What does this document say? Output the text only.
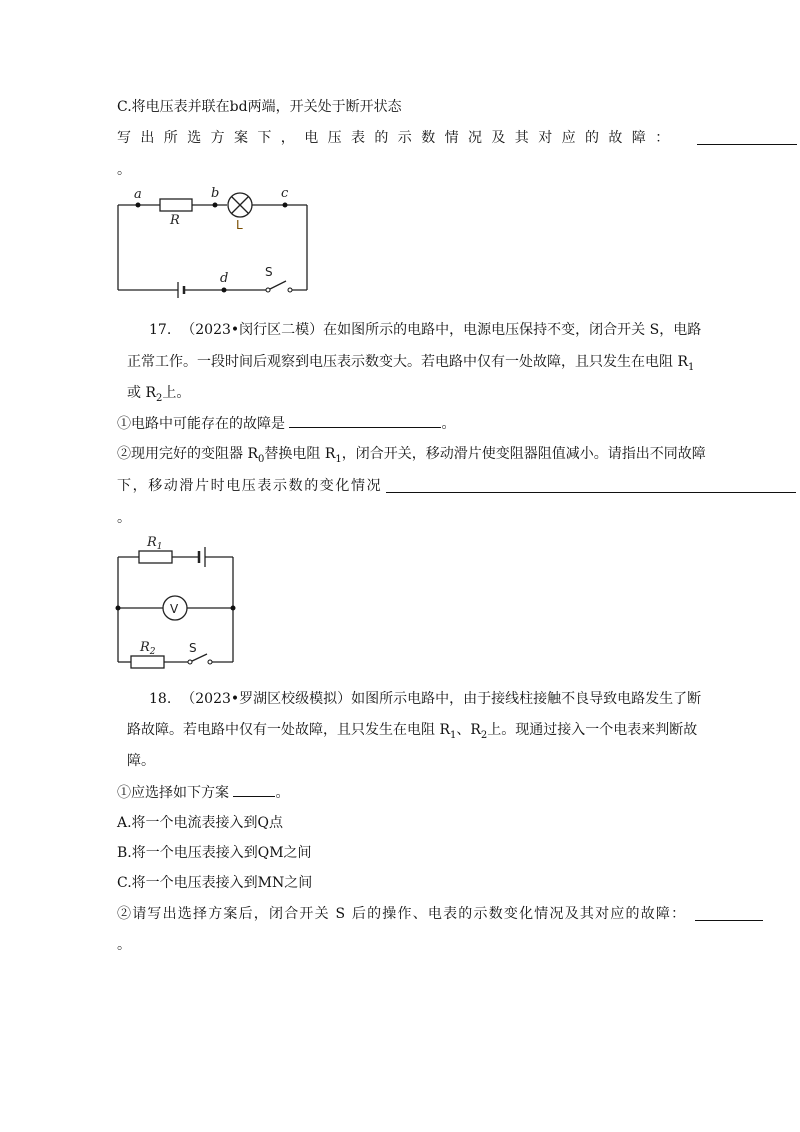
C.将电压表并联在bd两端，开关处于断开状态
写出所选方案下，电压表的示数情况及其对应的故障：
。
a	b	c
R	L
d	S
$R_1$
$R_2$
V
S
17. （2023•闵行区二模）在如图所示的电路中，电源电压保持不变，闭合开关 S，电路
正常工作。一段时间后观察到电压表示数变大。若电路中仅有一处故障，且只发生在电阻 $R_1$
或 $R_2$上。
①电路中可能存在的故障是	。
②现用完好的变阻器 $R_0$替换电阻 $R_1$，闭合开关，移动滑片使变阻器阻值减小。请指出不同故障
下，移动滑片时电压表示数的变化情况
。
18. （2023•罗湖区校级模拟）如图所示电路中，由于接线柱接触不良导致电路发生了断
路故障。若电路中仅有一处故障，且只发生在电阻 $R_1$、$R_2$上。现通过接入一个电表来判断故
障。
①应选择如下方案	。
A.将一个电流表接入到Q点
B.将一个电压表接入到QM之间
C.将一个电压表接入到MN之间
②请写出选择方案后，闭合开关 S 后的操作、电表的示数变化情况及其对应的故障：
。
